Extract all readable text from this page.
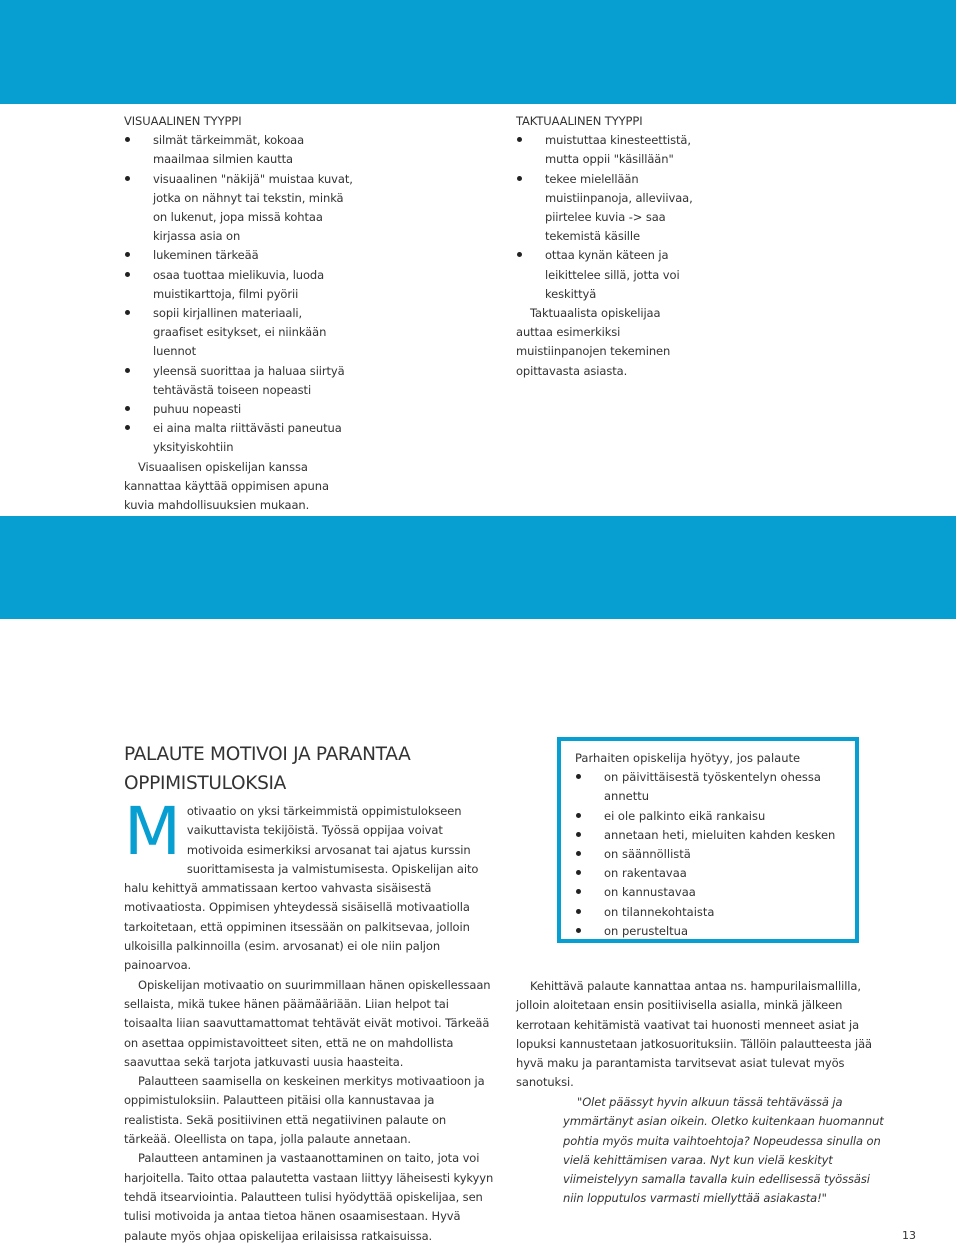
VISUAALINEN TYYPPI
silmät tärkeimmät, kokoaa maailmaa silmien kautta
visuaalinen "näkijä" muistaa kuvat, jotka on nähnyt tai tekstin, minkä on lukenut, jopa missä kohtaa kirjassa asia on
lukeminen tärkeää
osaa tuottaa mielikuvia, luoda muistikarttoja, filmi pyörii
sopii kirjallinen materiaali, graafiset esitykset, ei niinkään luennot
yleensä suorittaa ja haluaa siirtyä tehtävästä toiseen nopeasti
puhuu nopeasti
ei aina malta riittävästi paneutua yksityiskohtiin

Visuaalisen opiskelijan kanssa kannattaa käyttää oppimisen apuna kuvia mahdollisuuksien mukaan.

TAKTUAALINEN TYYPPI
muistuttaa kinesteettistä, mutta oppii "käsillään"
tekee mielellään muistiinpanoja, alleviivaa, piirtelee kuvia -> saa tekemistä käsille
ottaa kynän käteen ja leikittelee sillä, jotta voi keskittyä

Taktuaalista opiskelijaa auttaa esimerkiksi muistiinpanojen tekeminen opittavasta asiasta.

PALAUTE MOTIVOI JA PARANTAA OPPIMISTULOKSIA

Motivaatio on yksi tärkeimmistä oppimistulokseen vaikuttavista tekijöistä. Työssä oppijaa voivat motivoida esimerkiksi arvosanat tai ajatus kurssin suorittamisesta ja valmistumisesta. Opiskelijan aito halu kehittyä ammatissaan kertoo vahvasta sisäisestä motivaatiosta. Oppimisen yhteydessä sisäisellä motivaatiolla tarkoitetaan, että oppiminen itsessään on palkitsevaa, jolloin ulkoisilla palkinnoilla (esim. arvosanat) ei ole niin paljon painoarvoa.

Opiskelijan motivaatio on suurimmillaan hänen opiskellessaan sellaista, mikä tukee hänen päämääriään. Liian helpot tai toisaalta liian saavuttamattomat tehtävät eivät motivoi. Tärkeää on asettaa oppimistavoitteet siten, että ne on mahdollista saavuttaa sekä tarjota jatkuvasti uusia haasteita.

Palautteen saamisella on keskeinen merkitys motivaatioon ja oppimistuloksiin. Palautteen pitäisi olla kannustavaa ja realistista. Sekä positiivinen että negatiivinen palaute on tärkeää. Oleellista on tapa, jolla palaute annetaan.

Palautteen antaminen ja vastaanottaminen on taito, jota voi harjoitella. Taito ottaa palautetta vastaan liittyy läheisesti kykyyn tehdä itsearviointia. Palautteen tulisi hyödyttää opiskelijaa, sen tulisi motivoida ja antaa tietoa hänen osaamisestaan. Hyvä palaute myös ohjaa opiskelijaa erilaisissa ratkaisuissa.

Parhaiten opiskelija hyötyy, jos palaute
on päivittäisestä työskentelyn ohessa annettu
ei ole palkinto eikä rankaisu
annetaan heti, mieluiten kahden kesken
on säännöllistä
on rakentavaa
on kannustavaa
on tilannekohtaista
on perusteltua

Kehittävä palaute kannattaa antaa ns. hampurilaismallilla, jolloin aloitetaan ensin positiivisella asialla, minkä jälkeen kerrotaan kehitämistä vaativat tai huonosti menneet asiat ja lopuksi kannustetaan jatkosuorituksiin. Tällöin palautteesta jää hyvä maku ja parantamista tarvitsevat asiat tulevat myös sanotuksi.

"Olet päässyt hyvin alkuun tässä tehtävässä ja ymmärtänyt asian oikein. Oletko kuitenkaan huomannut pohtia myös muita vaihtoehtoja? Nopeudessa sinulla on vielä kehittämisen varaa. Nyt kun vielä keskityt viimeistelyyn samalla tavalla kuin edellisessä työssäsi niin lopputulos varmasti miellyttää asiakasta!"

13
